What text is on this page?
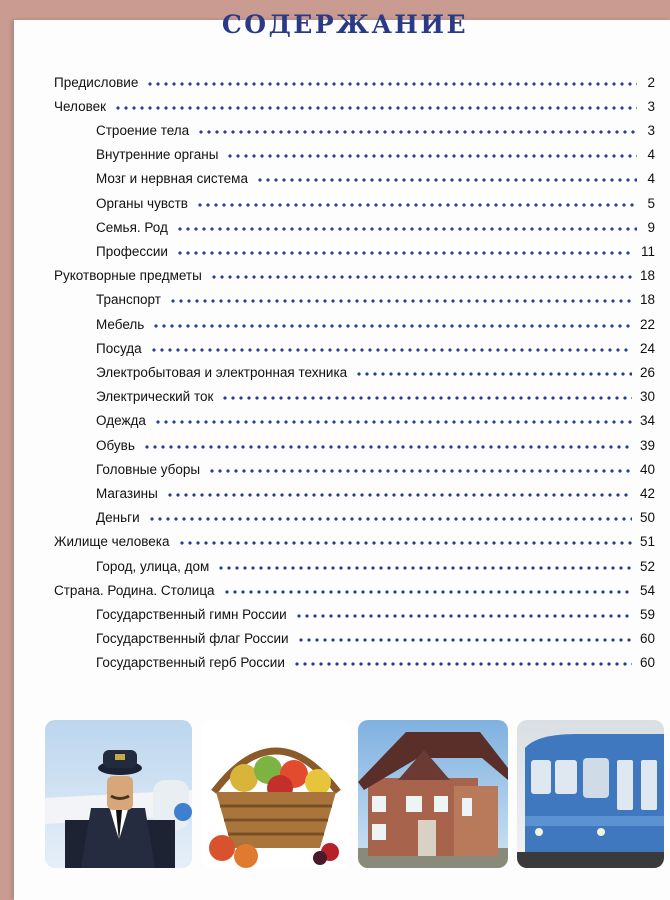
СОДЕРЖАНИЕ
Предисловие	2
Человек	3
Строение тела	3
Внутренние органы	4
Мозг и нервная система	4
Органы чувств	5
Семья. Род	9
Профессии	11
Рукотворные предметы	18
Транспорт	18
Мебель	22
Посуда	24
Электробытовая и электронная техника	26
Электрический ток	30
Одежда	34
Обувь	39
Головные уборы	40
Магазины	42
Деньги	50
Жилище человека	51
Город, улица, дом	52
Страна. Родина. Столица	54
Государственный гимн России	59
Государственный флаг России	60
Государственный герб России	60
